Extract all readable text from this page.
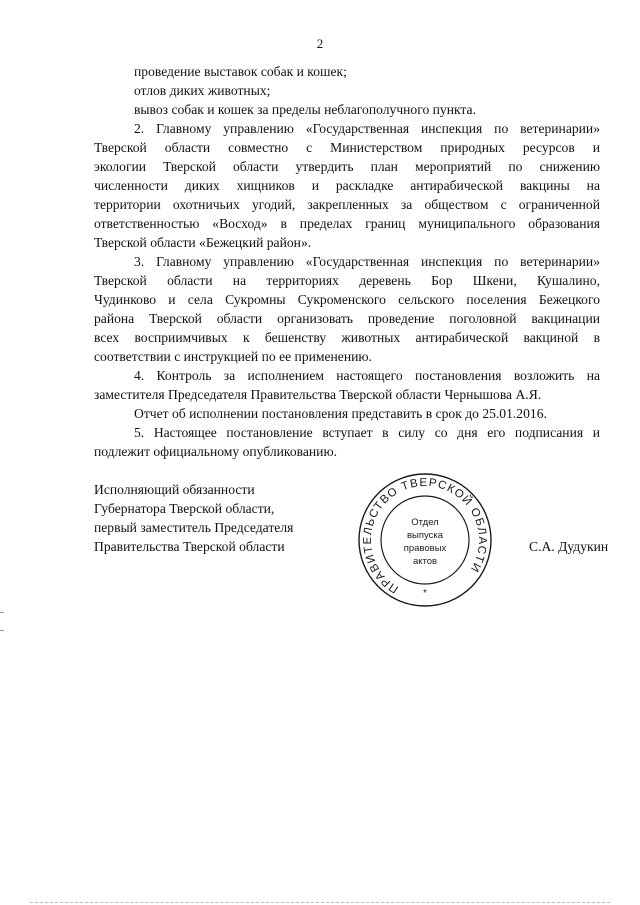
2
проведение выставок собак и кошек;
отлов диких животных;
вывоз собак и кошек за пределы неблагополучного пункта.
2. Главному управлению «Государственная инспекция по ветеринарии»
Тверской области совместно с Министерством природных ресурсов и
экологии Тверской области утвердить план мероприятий по снижению
численности диких хищников и раскладке антирабической вакцины на
территории охотничьих угодий, закрепленных за обществом с ограниченной
ответственностью «Восход» в пределах границ муниципального образования
Тверской области «Бежецкий район».
3. Главному управлению «Государственная инспекция по ветеринарии»
Тверской области на территориях деревень Бор Шкени, Кушалино,
Чудинково и села Сукромны Сукроменского сельского поселения Бежецкого
района Тверской области организовать проведение поголовной вакцинации
всех восприимчивых к бешенству животных антирабической вакциной в
соответствии с инструкцией по ее применению.
4. Контроль за исполнением настоящего постановления возложить на
заместителя Председателя Правительства Тверской области Чернышова А.Я.
Отчет об исполнении постановления представить в срок до 25.01.2016.
5. Настоящее постановление вступает в силу со дня его подписания и
подлежит официальному опубликованию.
Исполняющий обязанности
Губернатора Тверской области,
первый заместитель Председателя
Правительства Тверской области
ПРАВИТЕЛЬСТВО ТВЕРСКОЙ ОБЛАСТИ
Отдел
выпуска
правовых
актов
*
С.А. Дудукин
